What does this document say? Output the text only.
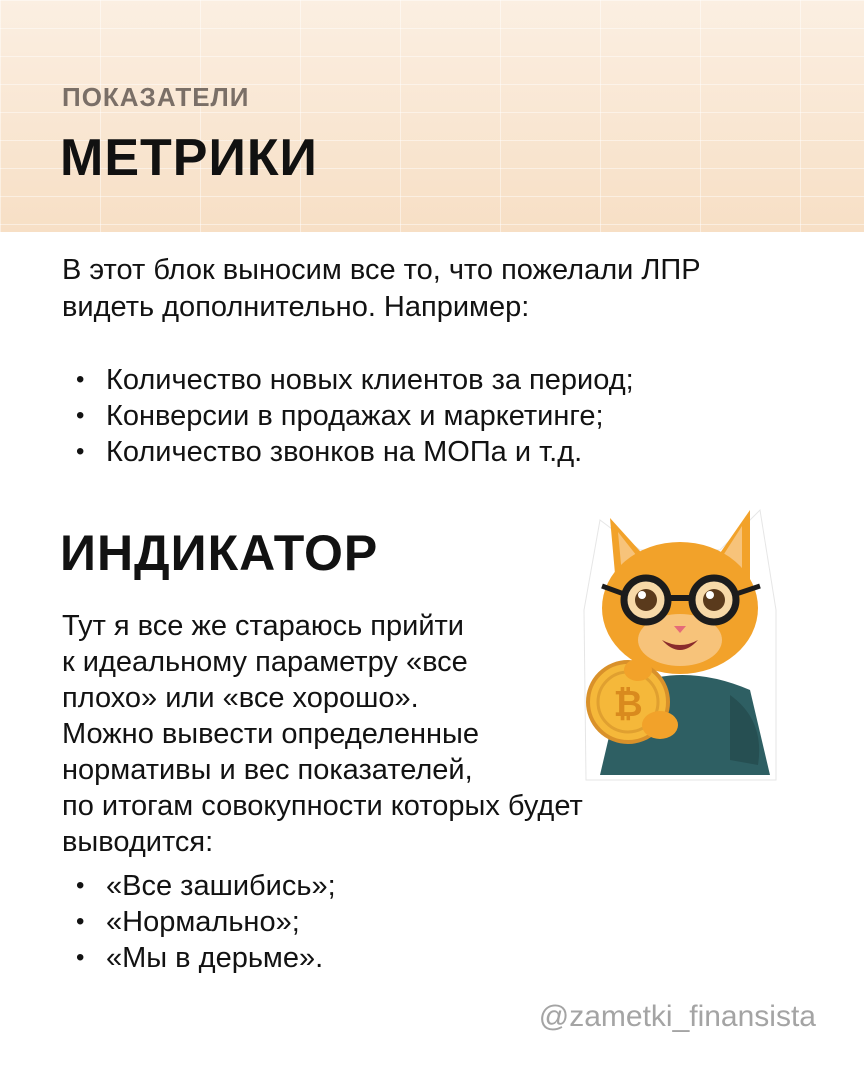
ПОКАЗАТЕЛИ
МЕТРИКИ

В этот блок выносим все то, что пожелали ЛПР видеть дополнительно. Например:

• Количество новых клиентов за период;
• Конверсии в продажах и маркетинге;
• Количество звонков на МОПа и т.д.
ИНДИКАТОР

Тут я все же стараюсь прийти
к идеальному параметру «все
плохо» или «все хорошо».
Можно вывести определенные
нормативы и вес показателей,
по итогам совокупности которых будет
выводится:

• «Все зашибись»;
• «Нормально»;
• «Мы в дерьме».
₿
@zametki_finansista
